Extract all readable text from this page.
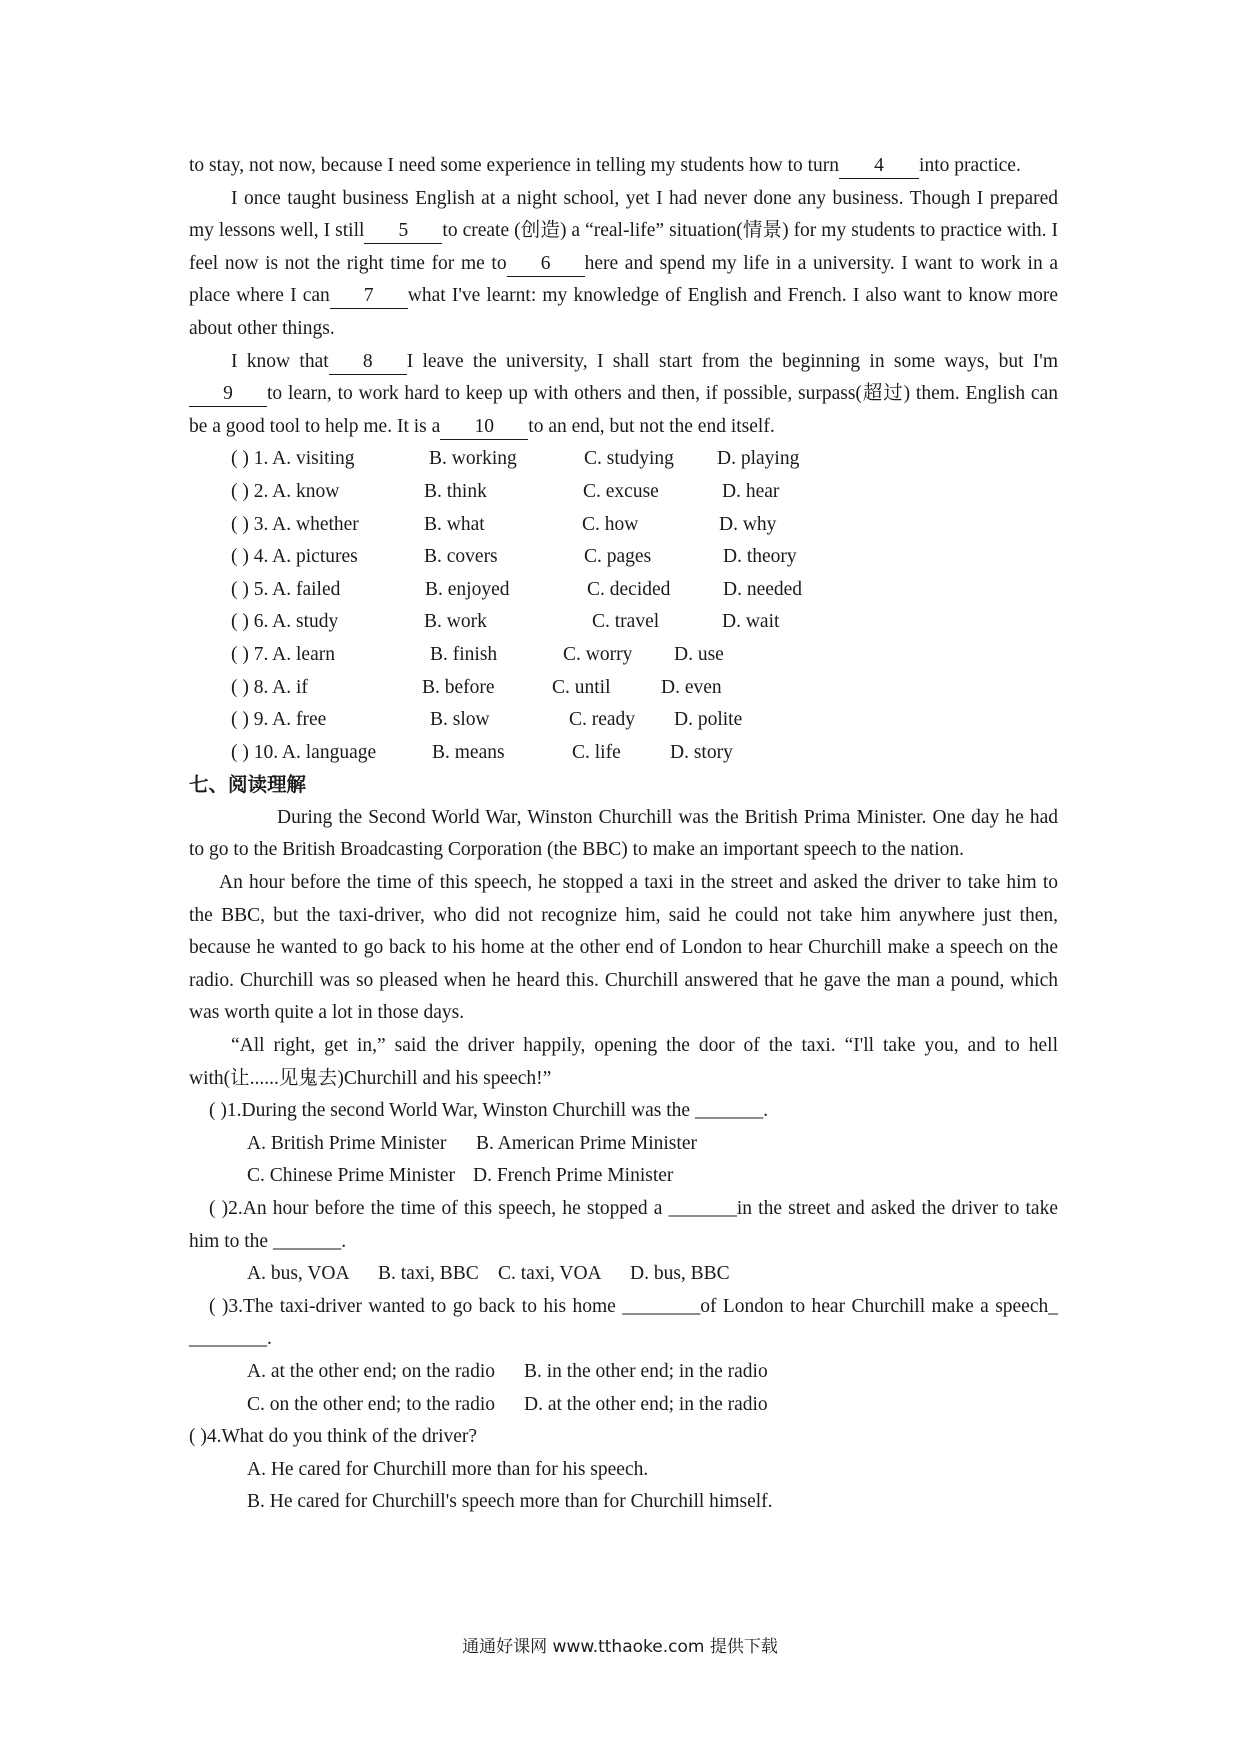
to stay, not now, because I need some experience in telling my students how to turn 4 into practice.

I once taught business English at a night school, yet I had never done any business. Though I prepared my lessons well, I still 5 to create (创造) a “real-life” situation(情景) for my students to practice with. I feel now is not the right time for me to 6 here and spend my life in a university. I want to work in a place where I can 7 what I've learnt: my knowledge of English and French. I also want to know more about other things.

I know that 8 I leave the university, I shall start from the beginning in some ways, but I'm9 to learn, to work hard to keep up with others and then, if possible, surpass(超过) them. English can be a good tool to help me. It is a 10 to an end, but not the end itself.

( ) 1. A. visiting	B. working	C. studying D. playing
( ) 2. A. know	B. think	C. excuse	D. hear
( ) 3. A. whether	B. what	C. how	D. why
( ) 4. A. pictures	B. covers	C. pages	D. theory
( ) 5. A. failed	B. enjoyed	C. decided	D. needed
( ) 6. A. study	B. work	C. travel	D. wait
( ) 7. A. learn	B. finish	C. worry D. use
( ) 8. A. if	B. before	C. until	D. even
( ) 9. A. free	B. slow	C. ready D. polite
( ) 10. A. language	B. means	C. life	D. story

七、阅读理解

During the Second World War, Winston Churchill was the British Prima Minister. One day he had to go to the British Broadcasting Corporation (the BBC) to make an important speech to the nation.

An hour before the time of this speech, he stopped a taxi in the street and asked the driver to take him to the BBC, but the taxi-driver, who did not recognize him, said he could not take him anywhere just then, because he wanted to go back to his home at the other end of London to hear Churchill make a speech on the radio. Churchill was so pleased when he heard this. Churchill answered that he gave the man a pound, which was worth quite a lot in those days.

“All right, get in,” said the driver happily, opening the door of the taxi. “I'll take you, and to hell with(让......见鬼去)Churchill and his speech!”

( )1.During the second World War, Winston Churchill was the _______.

A. British Prime Minister B. American Prime Minister
C. Chinese Prime Minister D. French Prime Minister

( )2.An hour before the time of this speech, he stopped a _______in the street and asked the driver to take him to the _______.

A. bus, VOA B. taxi, BBC C. taxi, VOA D. bus, BBC

( )3.The taxi-driver wanted to go back to his home ________of London to hear Churchill make a speech_ ________.

A. at the other end; on the radio B. in the other end; in the radio
C. on the other end; to the radio D. at the other end; in the radio

( )4.What do you think of the driver?

A. He cared for Churchill more than for his speech.
B. He cared for Churchill's speech more than for Churchill himself.
通通好课网 www.tthaoke.com 提供下载
